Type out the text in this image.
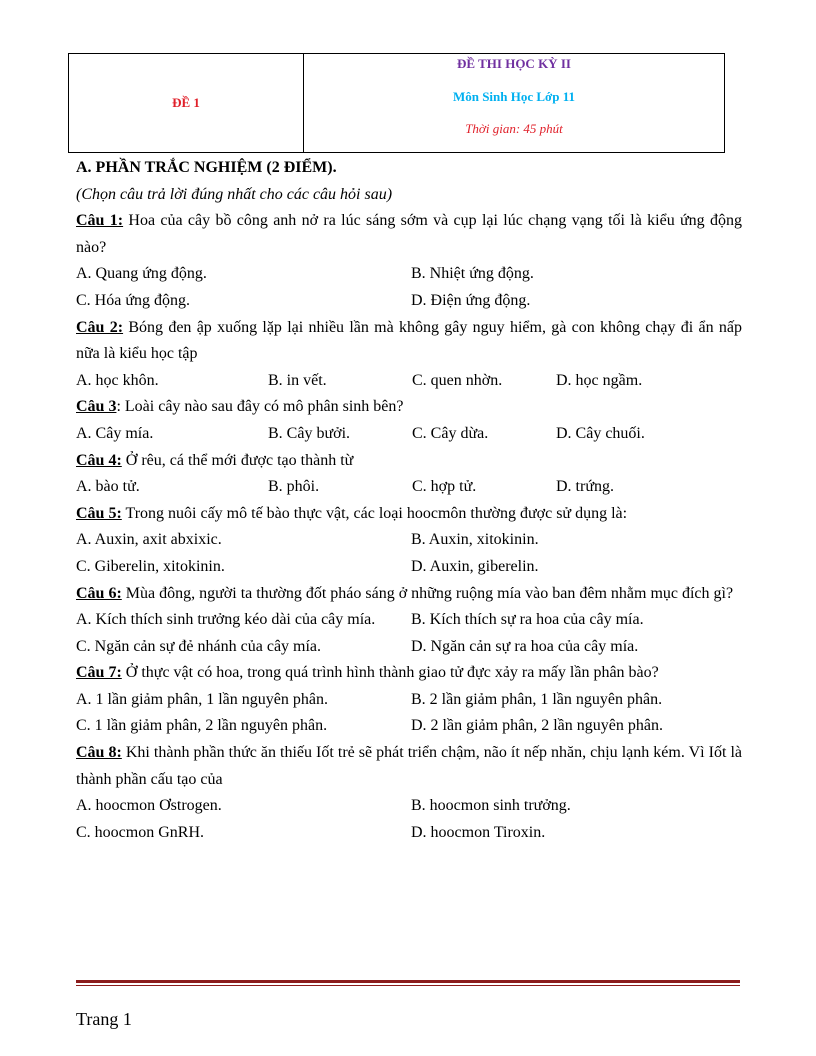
ĐỀ 1
ĐỀ THI HỌC KỲ II
Môn Sinh Học Lớp 11
Thời gian: 45 phút
A. PHẦN TRẮC NGHIỆM (2 ĐIỂM).
(Chọn câu trả lời đúng nhất cho các câu hỏi sau)
Câu 1: Hoa của cây bồ công anh nở ra lúc sáng sớm và cụp lại lúc chạng vạng tối là kiểu ứng động nào?
A. Quang ứng động.	B. Nhiệt ứng động.
C. Hóa ứng động.	D. Điện ứng động.
Câu 2: Bóng đen ập xuống lặp lại nhiều lần mà không gây nguy hiểm, gà con không chạy đi ẩn nấp nữa là kiểu học tập
A. học khôn.	B. in vết.	C. quen nhờn.	D. học ngầm.
Câu 3: Loài cây nào sau đây có mô phân sinh bên?
A. Cây mía.	B. Cây bưởi.	C. Cây dừa.	D. Cây chuối.
Câu 4: Ở rêu, cá thể mới được tạo thành từ
A. bào tử.	B. phôi.	C. hợp tử.	D. trứng.
Câu 5: Trong nuôi cấy mô tế bào thực vật, các loại hoocmôn thường được sử dụng là:
A. Auxin, axit abxixic.	B. Auxin, xitokinin.
C. Giberelin, xitokinin.	D. Auxin, giberelin.
Câu 6: Mùa đông, người ta thường đốt pháo sáng ở những ruộng mía vào ban đêm nhằm mục đích gì?
A. Kích thích sinh trưởng kéo dài của cây mía.	B. Kích thích sự ra hoa của cây mía.
C. Ngăn cản sự đẻ nhánh của cây mía.	D. Ngăn cản sự ra hoa của cây mía.
Câu 7: Ở thực vật có hoa, trong quá trình hình thành giao tử đực xảy ra mấy lần phân bào?
A. 1 lần giảm phân, 1 lần nguyên phân.	B. 2 lần giảm phân, 1 lần nguyên phân.
C. 1 lần giảm phân, 2 lần nguyên phân.	D. 2 lần giảm phân, 2 lần nguyên phân.
Câu 8: Khi thành phần thức ăn thiếu Iốt trẻ sẽ phát triển chậm, não ít nếp nhăn, chịu lạnh kém. Vì Iốt là thành phần cấu tạo của
A. hoocmon Ơstrogen.	B. hoocmon sinh trưởng.
C. hoocmon GnRH.	D. hoocmon Tiroxin.
Trang 1
